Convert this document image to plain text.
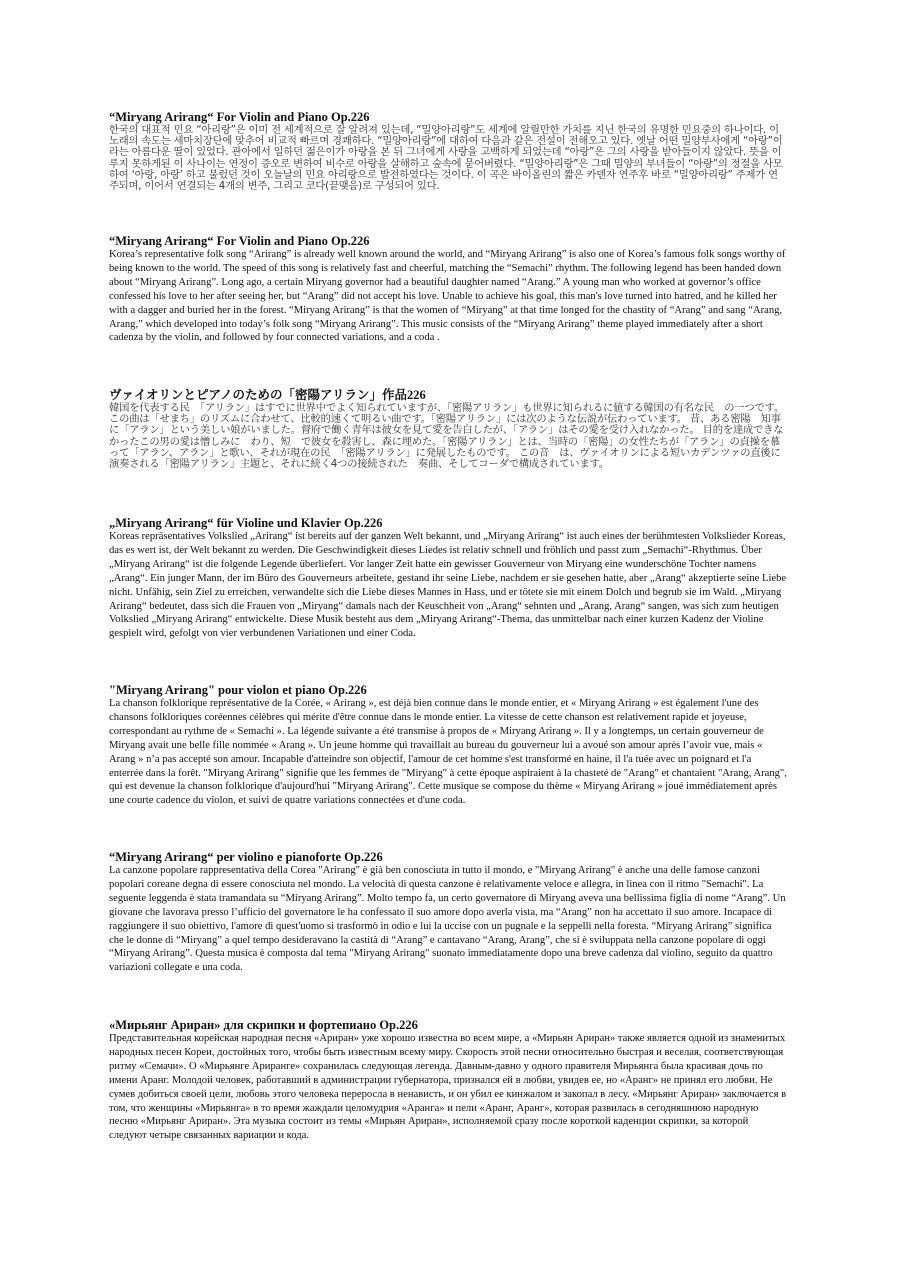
“Miryang Arirang“ For Violin and Piano Op.226

한국의 대표적 민요 “아리랑”은 이미 전 세계적으로 잘 알려져 있는데, “밀양아리랑”도 세계에 알릴만한 가치를 지닌 한국의 유명한 민요중의 하나이다. 이 노래의 속도는 세마치장단에 맞추어 비교적 빠르며 경쾌하다. “밀양아리랑”에 대하여 다음과 같은 전설이 전해오고 있다. 옛날 어떤 밀양부사에게 “아랑”이라는 아름다운 딸이 있었다. 관아에서 일하던 젊은이가 아랑을 본 뒤 그녀에게 사랑을 고백하게 되었는데 “아랑”은 그의 사랑을 받아들이지 않았다. 뜻을 이루지 못하게된 이 사나이는 연정이 증오로 변하여 비수로 아랑을 살해하고 숲속에 묻어버렸다. “밀양아리랑”은 그때 밀양의 부녀들이 “아랑”의 정절을 사모하여 ‘아랑, 아랑’ 하고 불렀던 것이 오늘날의 민요 아리랑으로 발전하였다는 것이다. 이 곡은 바이올린의 짧은 카덴자 연주후 바로 “밀양아리랑” 주제가 연주되며, 이어서 연결되는 4개의 변주, 그리고 코다(끝맺음)로 구성되어 있다.

“Miryang Arirang“ For Violin and Piano Op.226

Korea’s representative folk song “Arirang” is already well known around the world, and “Miryang Arirang” is also one of Korea’s famous folk songs worthy of being known to the world. The speed of this song is relatively fast and cheerful, matching the “Semachi” rhythm. The following legend has been handed down about “Miryang Arirang”. Long ago, a certain Miryang governor had a beautiful daughter named “Arang.” A young man who worked at governor’s office confessed his love to her after seeing her, but “Arang” did not accept his love. Unable to achieve his goal, this man's love turned into hatred, and he killed her with a dagger and buried her in the forest. “Miryang Arirang” is that the women of “Miryang” at that time longed for the chastity of “Arang” and sang “Arang, Arang,” which developed into today’s folk song “Miryang Arirang”. This music consists of the “Miryang Arirang” theme played immediately after a short cadenza by the violin, and followed by four connected variations, and a coda .

ヴァイオリンとピアノのための「密陽アリラン」作品226

韓国を代表する民　「アリラン」はすでに世界中でよく知られていますが、「密陽アリラン」も世界に知られるに値する韓国の有名な民　の一つです。 この曲は「せまち」のリズムに合わせて、比較的速くて明るい曲です。「密陽アリラン」には次のような伝説が伝わっています。 昔、ある密陽　知事に「アラン」という美しい娘がいました。督府で働く青年は彼女を見て愛を告白したが、「アラン」はその愛を受け入れなかった。 目的を達成できなかったこの男の愛は憎しみに　わり、短　で彼女を殺害し、森に埋めた。「密陽アリラン」とは、当時の「密陽」の女性たちが「アラン」の貞操を慕って「アラン、アラン」と歌い、それが現在の民　「密陽アリラン」に発展したものです。 この音　は、ヴァイオリンによる短いカデンツァの直後に演奏される「密陽アリラン」主題と、それに続く4つの接続された　奏曲、そしてコーダで構成されています。

„Miryang Arirang“ für Violine und Klavier Op.226

Koreas repräsentatives Volkslied „Arirang“ ist bereits auf der ganzen Welt bekannt, und „Miryang Arirang“ ist auch eines der berühmtesten Volkslieder Koreas, das es wert ist, der Welt bekannt zu werden. Die Geschwindigkeit dieses Liedes ist relativ schnell und fröhlich und passt zum „Semachi“-Rhythmus. Über „Miryang Arirang“ ist die folgende Legende überliefert. Vor langer Zeit hatte ein gewisser Gouverneur von Miryang eine wunderschöne Tochter namens „Arang“. Ein junger Mann, der im Büro des Gouverneurs arbeitete, gestand ihr seine Liebe, nachdem er sie gesehen hatte, aber „Arang“ akzeptierte seine Liebe nicht. Unfähig, sein Ziel zu erreichen, verwandelte sich die Liebe dieses Mannes in Hass, und er tötete sie mit einem Dolch und begrub sie im Wald. „Miryang Arirang“ bedeutet, dass sich die Frauen von „Miryang“ damals nach der Keuschheit von „Arang“ sehnten und „Arang, Arang“ sangen, was sich zum heutigen Volkslied „Miryang Arirang“ entwickelte. Diese Musik besteht aus dem „Miryang Arirang“-Thema, das unmittelbar nach einer kurzen Kadenz der Violine gespielt wird, gefolgt von vier verbundenen Variationen und einer Coda.

"Miryang Arirang" pour violon et piano Op.226

La chanson folklorique représentative de la Corée, « Arirang », est déjà bien connue dans le monde entier, et « Miryang Arirang » est également l'une des chansons folkloriques coréennes célèbres qui mérite d'être connue dans le monde entier. La vitesse de cette chanson est relativement rapide et joyeuse, correspondant au rythme de « Semachi ». La légende suivante a été transmise à propos de « Miryang Arirang ». Il y a longtemps, un certain gouverneur de Miryang avait une belle fille nommée « Arang ». Un jeune homme qui travaillait au bureau du gouverneur lui a avoué son amour après l’avoir vue, mais « Arang » n’a pas accepté son amour. Incapable d'atteindre son objectif, l'amour de cet homme s'est transformé en haine, il l'a tuée avec un poignard et l'a enterrée dans la forêt. "Miryang Arirang" signifie que les femmes de "Miryang" à cette époque aspiraient à la chasteté de "Arang" et chantaient "Arang, Arang", qui est devenue la chanson folklorique d'aujourd'hui "Miryang Arirang". Cette musique se compose du thème « Miryang Arirang » joué immédiatement après une courte cadence du violon, et suivi de quatre variations connectées et d'une coda.

“Miryang Arirang“ per violino e pianoforte Op.226

La canzone popolare rappresentativa della Corea "Arirang" è già ben conosciuta in tutto il mondo, e "Miryang Arirang" è anche una delle famose canzoni popolari coreane degna di essere conosciuta nel mondo. La velocità di questa canzone è relativamente veloce e allegra, in linea con il ritmo "Semachi". La seguente leggenda è stata tramandata su “Miryang Arirang”. Molto tempo fa, un certo governatore di Miryang aveva una bellissima figlia di nome “Arang”. Un giovane che lavorava presso l’ufficio del governatore le ha confessato il suo amore dopo averla vista, ma “Arang” non ha accettato il suo amore. Incapace di raggiungere il suo obiettivo, l'amore di quest'uomo si trasformò in odio e lui la uccise con un pugnale e la seppellì nella foresta. “Miryang Arirang” significa che le donne di “Miryang” a quel tempo desideravano la castità di “Arang” e cantavano “Arang, Arang”, che si è sviluppata nella canzone popolare di oggi “Miryang Arirang”. Questa musica è composta dal tema "Miryang Arirang" suonato immediatamente dopo una breve cadenza dal violino, seguito da quattro variazioni collegate e una coda.

«Мирьянг Ариран» для скрипки и фортепиано Op.226

Представительная корейская народная песня «Ариран» уже хорошо известна во всем мире, а «Мирьян Ариран» также является одной из знаменитых народных песен Кореи, достойных того, чтобы быть известным всему миру. Скорость этой песни относительно быстрая и веселая, соответствующая ритму «Семачи». О «Мирьянге Ариранге» сохранилась следующая легенда. Давным-давно у одного правителя Мирьянга была красивая дочь по имени Аранг. Молодой человек, работавший в администрации губернатора, признался ей в любви, увидев ее, но «Аранг» не принял его любви. Не сумев добиться своей цели, любовь этого человека переросла в ненависть, и он убил ее кинжалом и закопал в лесу. «Мирьянг Ариран» заключается в том, что женщины «Мирьянга» в то время жаждали целомудрия «Аранга» и пели «Аранг, Аранг», которая развилась в сегодняшнюю народную песню «Мирьянг Ариран». Эта музыка состоит из темы «Мирьян Ариран», исполняемой сразу после короткой каденции скрипки, за которой следуют четыре связанных вариации и кода.
